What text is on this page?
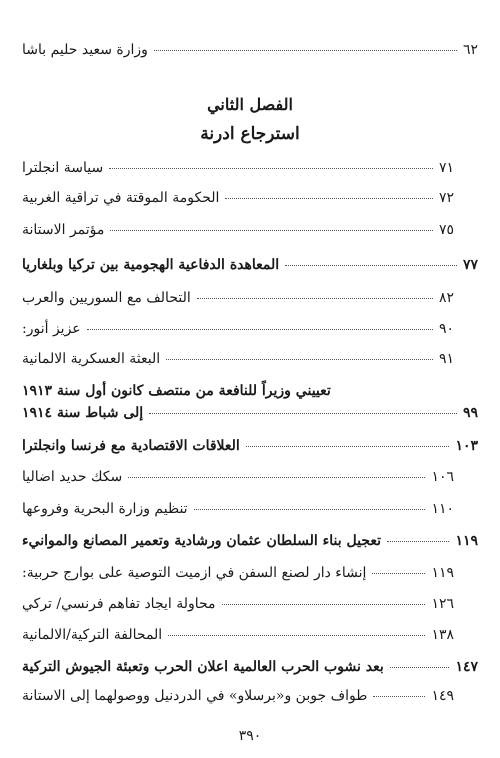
وزارة سعيد حليم باشا	٦٢
سياسة انجلترا	٧١
الحكومة الموقتة في تراقية الغربية	٧٢
مؤتمر الاستانة	٧٥
المعاهدة الدفاعية الهجومية بين تركيا وبلغاريا	٧٧
التحالف مع السوريين والعرب	٨٢
عزيز أنور:	٩٠
البعثة العسكرية الالمانية	٩١
تعييني وزيراً للنافعة من منتصف كانون أول سنة ١٩١٣
إلى شباط سنة ١٩١٤	٩٩
العلاقات الاقتصادية مع فرنسا وانجلترا	١٠٣
سكك حديد اضاليا	١٠٦
تنظيم وزارة البحرية وفروعها	١١٠
تعجيل بناء السلطان عثمان ورشادية وتعمير المصانع والموانيء	١١٩
إنشاء دار لصنع السفن في ازميت التوصية على بوارج حربية:	١١٩
محاولة ايجاد تفاهم فرنسي/ تركي	١٢٦
المحالفة التركية/الالمانية	١٣٨
بعد نشوب الحرب العالمية اعلان الحرب وتعبئة الجيوش التركية	١٤٧
طواف جوبن و«برسلاو» في الدردنيل ووصولهما إلى الاستانة	١٤٩
الفصل الثاني
استرجاع ادرنة
٣٩٠
